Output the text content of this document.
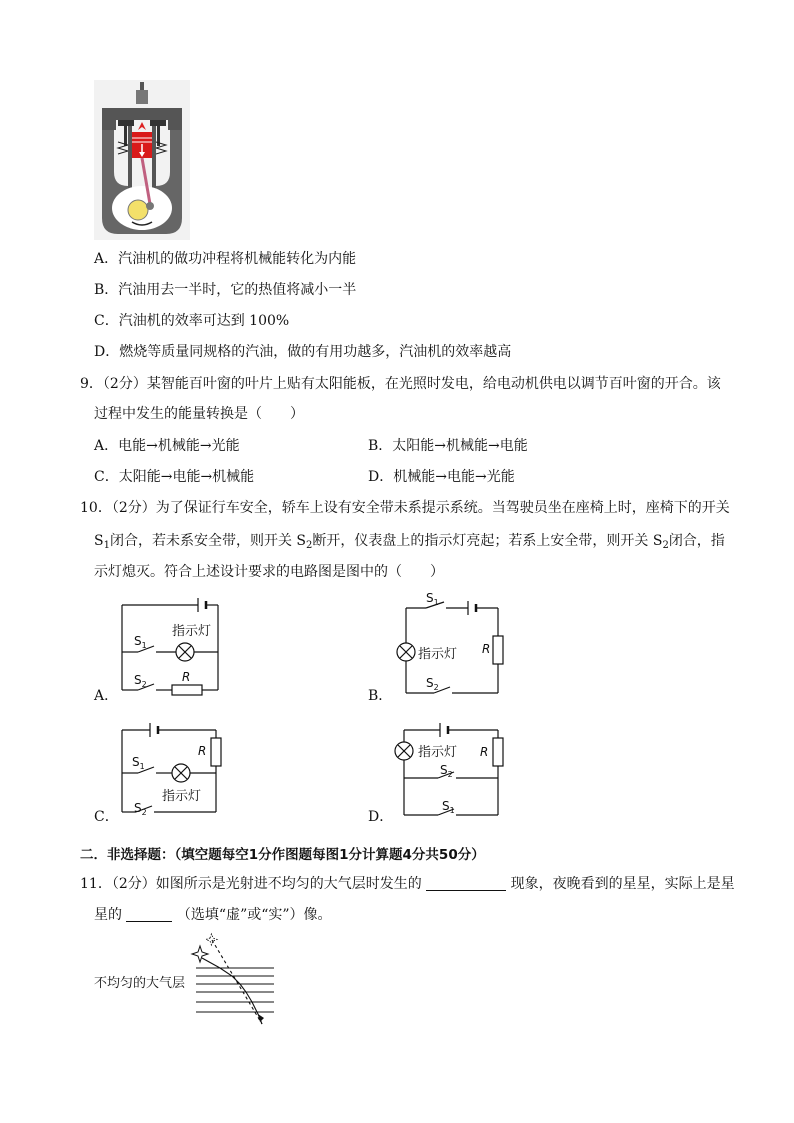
A．汽油机的做功冲程将机械能转化为内能
B．汽油用去一半时，它的热值将减小一半
C．汽油机的效率可达到 100%
D．燃烧等质量同规格的汽油，做的有用功越多，汽油机的效率越高
9．（2分）某智能百叶窗的叶片上贴有太阳能板，在光照时发电，给电动机供电以调节百叶窗的开合。该
过程中发生的能量转换是（　　）
A．电能→机械能→光能	B．太阳能→机械能→电能
C．太阳能→电能→机械能	D．机械能→电能→光能
10．（2分）为了保证行车安全，轿车上设有安全带未系提示系统。当驾驶员坐在座椅上时，座椅下的开关
$S_1$闭合，若未系安全带，则开关 $S_2$断开，仪表盘上的指示灯亮起；若系上安全带，则开关 $S_2$闭合，指
示灯熄灭。符合上述设计要求的电路图是图中的（　　）
指示灯
$S_1$
$S_2$
R
A．
$S_1$
指示灯 R
$S_2$
B．
R
$S_1$
指示灯
$S_2$
C．
指示灯 R
$S_2$
$S_1$
D．
二．非选择题：（填空题每空1分作图题每图1分计算题4分共50分）
11．（2分）如图所示是光射进不均匀的大气层时发生的	现象，夜晚看到的星星，实际上是星
星的	（选填“虚”或“实”）像。
不均匀的大气层
